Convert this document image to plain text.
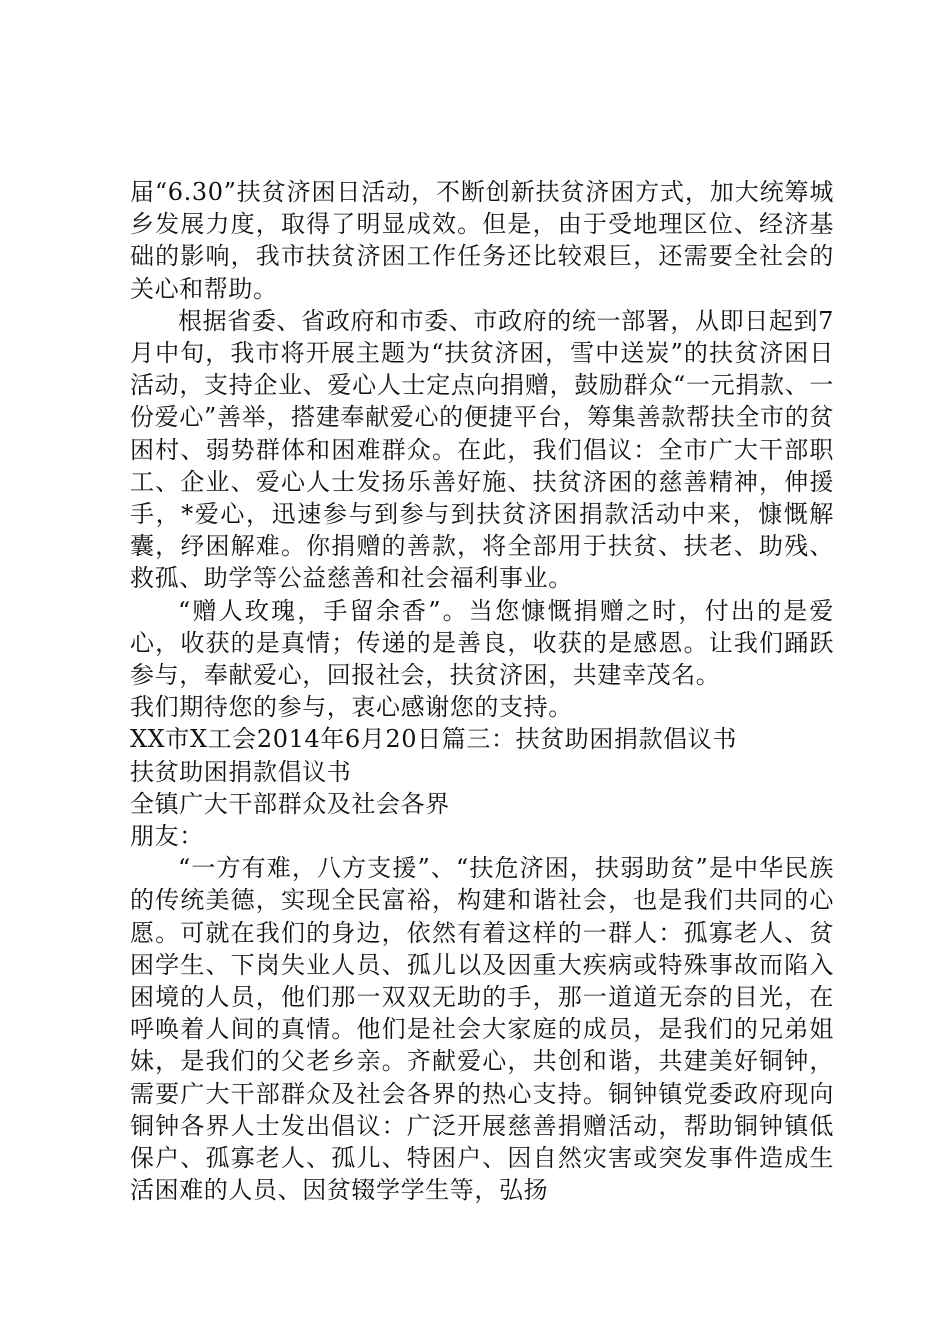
届“6.30”扶贫济困日活动，不断创新扶贫济困方式，加大统筹城乡发展力度，取得了明显成效。但是，由于受地理区位、经济基础的影响，我市扶贫济困工作任务还比较艰巨，还需要全社会的关心和帮助。

根据省委、省政府和市委、市政府的统一部署，从即日起到7月中旬，我市将开展主题为“扶贫济困，雪中送炭”的扶贫济困日活动，支持企业、爱心人士定点向捐赠，鼓励群众“一元捐款、一份爱心”善举，搭建奉献爱心的便捷平台，筹集善款帮扶全市的贫困村、弱势群体和困难群众。在此，我们倡议：全市广大干部职工、企业、爱心人士发扬乐善好施、扶贫济困的慈善精神，伸援手，*爱心，迅速参与到参与到扶贫济困捐款活动中来，慷慨解囊，纾困解难。你捐赠的善款，将全部用于扶贫、扶老、助残、救孤、助学等公益慈善和社会福利事业。

“赠人玫瑰，手留余香”。当您慷慨捐赠之时，付出的是爱心，收获的是真情；传递的是善良，收获的是感恩。让我们踊跃参与，奉献爱心，回报社会，扶贫济困，共建幸茂名。

我们期待您的参与，衷心感谢您的支持。

XX市X工会2014年6月20日篇三：扶贫助困捐款倡议书

扶贫助困捐款倡议书

全镇广大干部群众及社会各界

朋友：

“一方有难，八方支援”、“扶危济困，扶弱助贫”是中华民族的传统美德，实现全民富裕，构建和谐社会，也是我们共同的心愿。可就在我们的身边，依然有着这样的一群人：孤寡老人、贫困学生、下岗失业人员、孤儿以及因重大疾病或特殊事故而陷入困境的人员，他们那一双双无助的手，那一道道无奈的目光，在呼唤着人间的真情。他们是社会大家庭的成员，是我们的兄弟姐妹，是我们的父老乡亲。齐献爱心，共创和谐，共建美好铜钟，需要广大干部群众及社会各界的热心支持。铜钟镇党委政府现向铜钟各界人士发出倡议：广泛开展慈善捐赠活动，帮助铜钟镇低保户、孤寡老人、孤儿、特困户、因自然灾害或突发事件造成生活困难的人员、因贫辍学学生等，弘扬
